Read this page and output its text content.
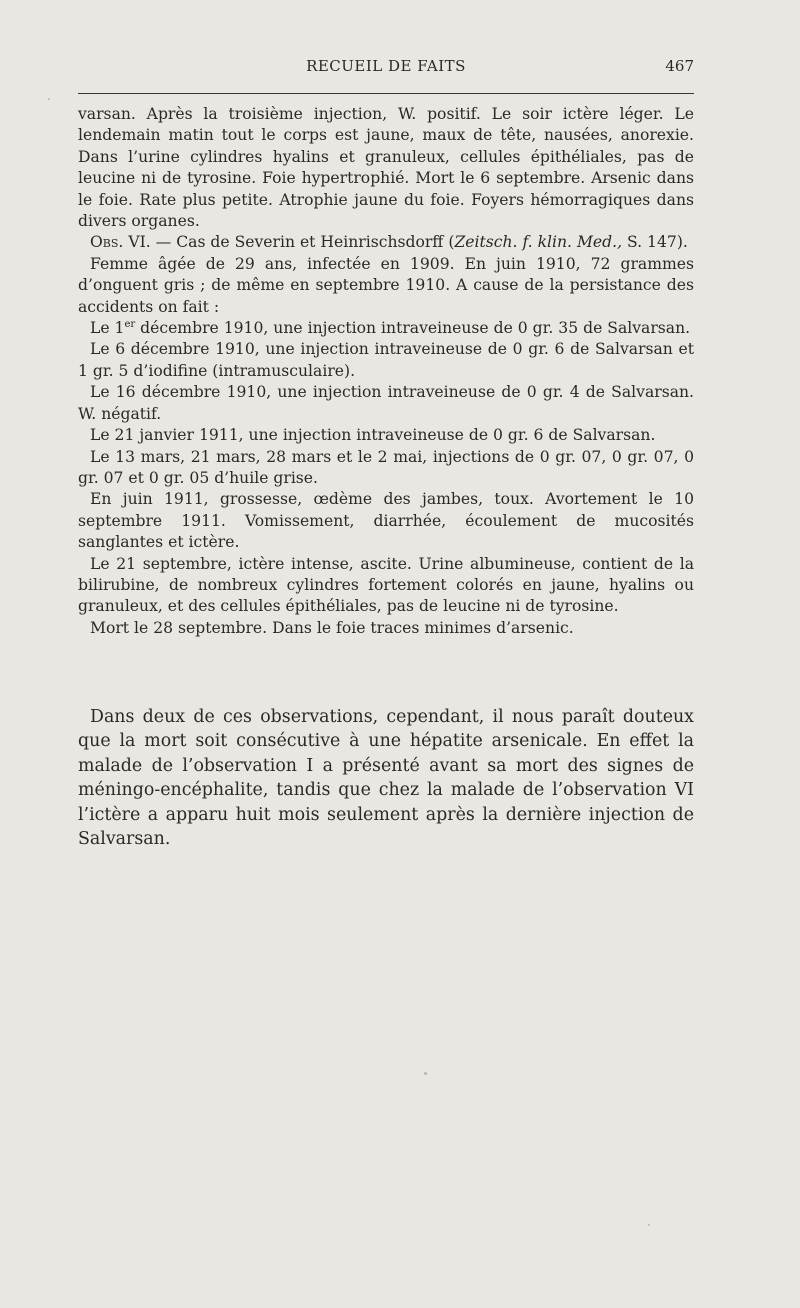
RECUEIL DE FAITS	467

varsan. Après la troisième injection, W. positif. Le soir ictère léger. Le lendemain matin tout le corps est jaune, maux de tête, nausées, anorexie. Dans l’urine cylindres hyalins et granuleux, cellules épithéliales, pas de leucine ni de tyrosine. Foie hypertrophié. Mort le 6 septembre. Arsenic dans le foie. Rate plus petite. Atrophie jaune du foie. Foyers hémorragiques dans divers organes.

Obs. VI. — Cas de Severin et Heinrischsdorff (Zeitsch. f. klin. Med., S. 147).

Femme âgée de 29 ans, infectée en 1909. En juin 1910, 72 grammes d’onguent gris ; de même en septembre 1910. A cause de la persistance des accidents on fait :

Le 1er décembre 1910, une injection intraveineuse de 0 gr. 35 de Salvarsan.

Le 6 décembre 1910, une injection intraveineuse de 0 gr. 6 de Salvarsan et 1 gr. 5 d’iodifine (intramusculaire).

Le 16 décembre 1910, une injection intraveineuse de 0 gr. 4 de Salvarsan. W. négatif.

Le 21 janvier 1911, une injection intraveineuse de 0 gr. 6 de Salvarsan.

Le 13 mars, 21 mars, 28 mars et le 2 mai, injections de 0 gr. 07, 0 gr. 07, 0 gr. 07 et 0 gr. 05 d’huile grise.

En juin 1911, grossesse, œdème des jambes, toux. Avortement le 10 septembre 1911. Vomissement, diarrhée, écoulement de mucosités sanglantes et ictère.

Le 21 septembre, ictère intense, ascite. Urine albumineuse, contient de la bilirubine, de nombreux cylindres fortement colorés en jaune, hyalins ou granuleux, et des cellules épithéliales, pas de leucine ni de tyrosine.

Mort le 28 septembre. Dans le foie traces minimes d’arsenic.

Dans deux de ces observations, cependant, il nous paraît douteux que la mort soit consécutive à une hépatite arsenicale. En effet la malade de l’observation I a présenté avant sa mort des signes de méningo-encéphalite, tandis que chez la malade de l’observation VI l’ictère a apparu huit mois seulement après la dernière injection de Salvarsan.
